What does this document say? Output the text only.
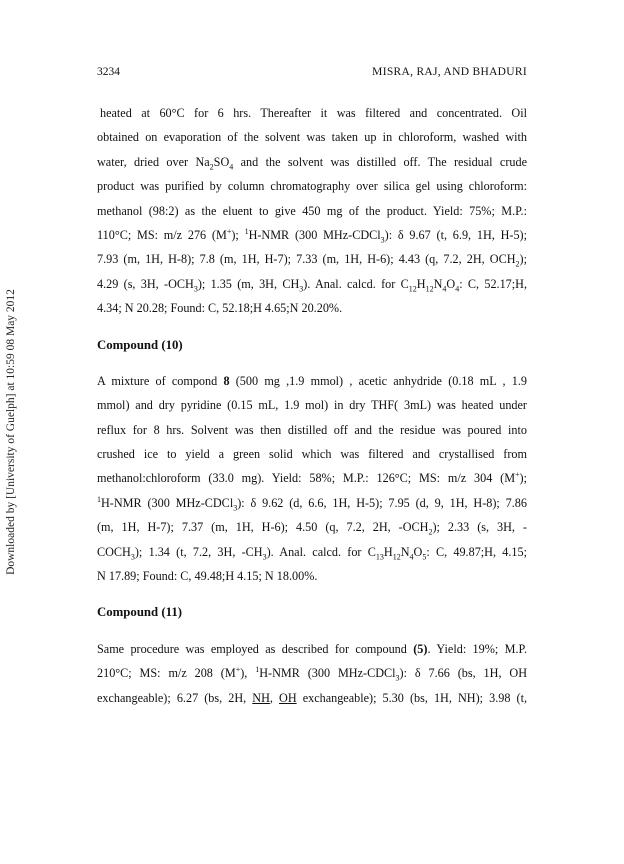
Downloaded by [University of Guelph] at 10:59 08 May 2012
3234	MISRA, RAJ, AND BHADURI
heated at 60°C for 6 hrs. Thereafter it was filtered and concentrated. Oil
obtained on evaporation of the solvent was taken up in chloroform, washed with
water, dried over $Na_2SO_4$ and the solvent was distilled off. The residual crude
product was purified by column chromatography over silica gel using chloroform:
methanol (98:2) as the eluent to give 450 mg of the product. Yield: 75%; M.P.:
110°C; MS: m/z 276 (M+); $^1$H-NMR (300 MHz-CDCl$_3$): δ 9.67 (t, 6.9, 1H, H-5);
7.93 (m, 1H, H-8); 7.8 (m, 1H, H-7); 7.33 (m, 1H, H-6); 4.43 (q, 7.2, 2H, $OCH_2$);
4.29 (s, 3H, $-OCH_3$); 1.35 (m, 3H, $CH_3$). Anal. calcd. for $C_{12}H_{12}N_4O_4$: C, 52.17;H,
4.34; N 20.28; Found: C, 52.18;H 4.65;N 20.20%.
Compound (10)
A mixture of compond 8 (500 mg ,1.9 mmol) , acetic anhydride (0.18 mL , 1.9
mmol) and dry pyridine (0.15 mL, 1.9 mol) in dry THF( 3mL) was heated under
reflux for 8 hrs. Solvent was then distilled off and the residue was poured into
crushed ice to yield a green solid which was filtered and crystallised from
methanol:chloroform (33.0 mg). Yield: 58%; M.P.: 126°C; MS: m/z 304 (M+);
$^1$H-NMR (300 MHz-CDCl$_3$): δ 9.62 (d, 6.6, 1H, H-5); 7.95 (d, 9, 1H, H-8); 7.86
(m, 1H, H-7); 7.37 (m, 1H, H-6); 4.50 (q, 7.2, 2H, $-OCH_2$); 2.33 (s, 3H, -
$COCH_3$); 1.34 (t, 7.2, 3H, $-CH_3$). Anal. calcd. for $C_{13}H_{12}N_4O_5$: C, 49.87;H, 4.15;
N 17.89; Found: C, 49.48;H 4.15; N 18.00%.
Compound (11)
Same procedure was employed as described for compound (5). Yield: 19%; M.P.
210°C; MS: m/z 208 (M+), $^1$H-NMR (300 MHz-CDCl$_3$): δ 7.66 (bs, 1H, OH
exchangeable); 6.27 (bs, 2H, NH, OH exchangeable); 5.30 (bs, 1H, NH); 3.98 (t,
